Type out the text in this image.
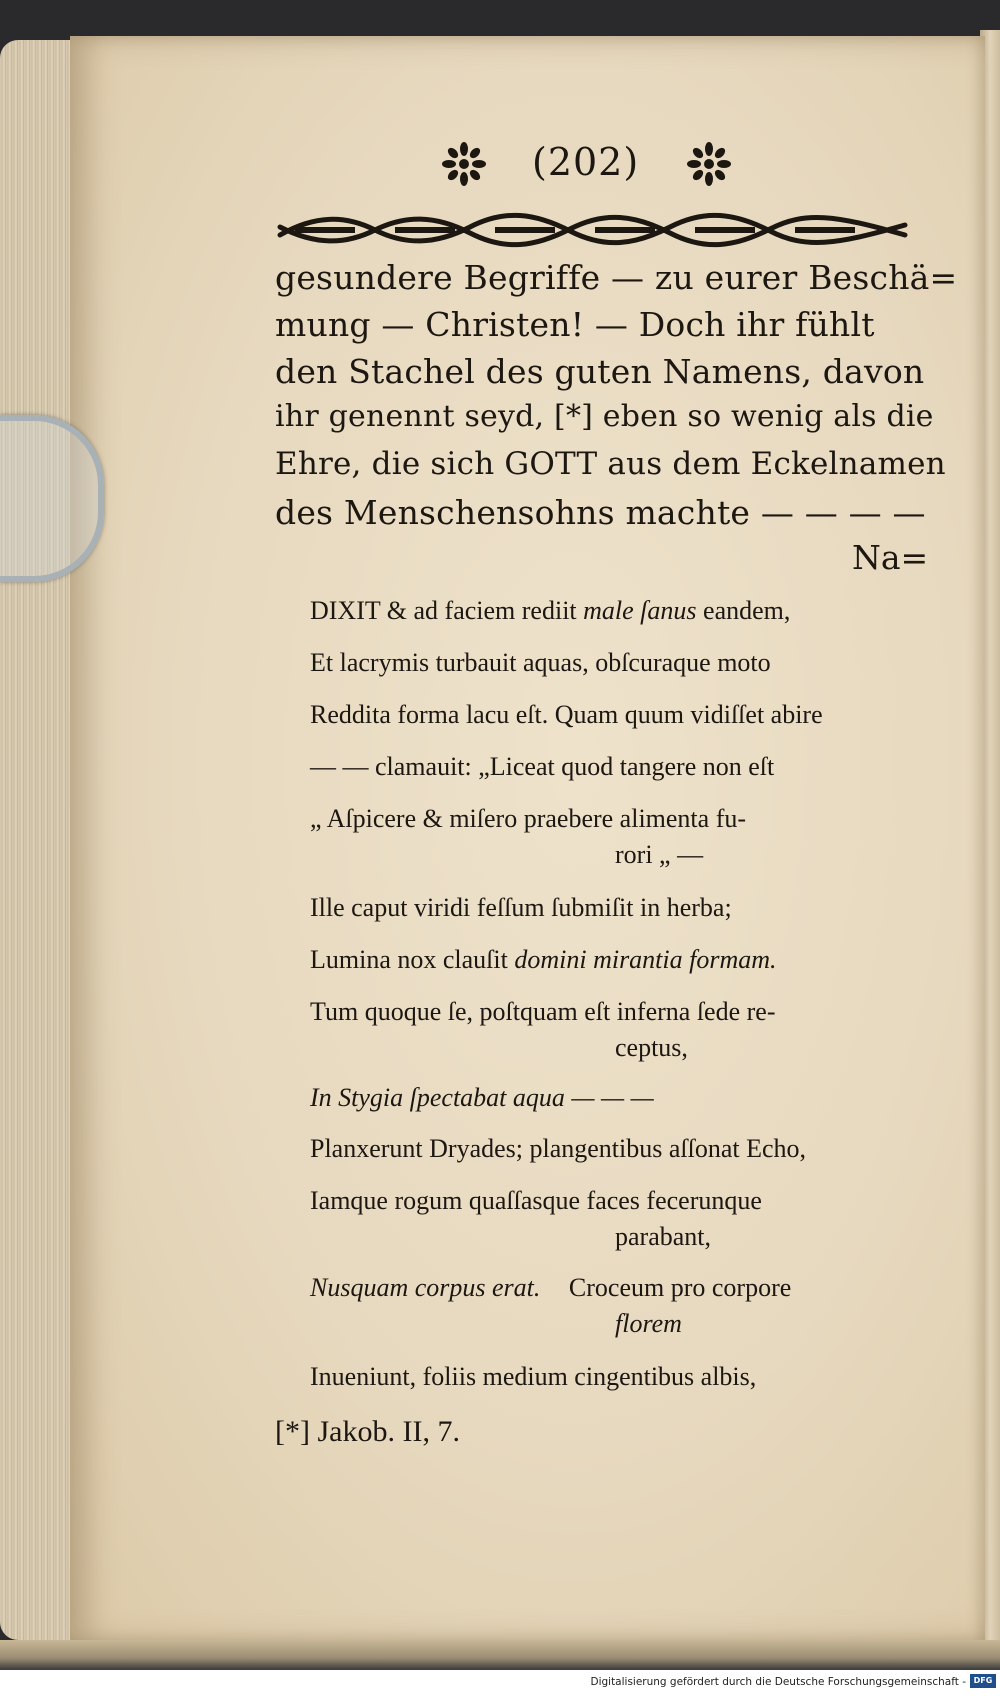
(202)
gesundere Begriffe — zu eurer Beschä=
mung — Christen! — Doch ihr fühlt
den Stachel des guten Namens, davon
ihr genennt seyd, [*] eben so wenig als die
Ehre, die sich GOTT aus dem Eckelnamen
des Menschensohns machte — — — —
Na=
DIXIT & ad faciem rediit male ſanus eandem,
Et lacrymis turbauit aquas, obſcuraque moto
Reddita forma lacu eſt. Quam quum vidiſſet abire
— — clamauit: „Liceat quod tangere non eſt
„ Aſpicere & miſero praebere alimenta fu-
rori „ —
Ille caput viridi feſſum ſubmiſit in herba;
Lumina nox clauſit domini mirantia formam.
Tum quoque ſe, poſtquam eſt inferna ſede re-
ceptus,
In Stygia ſpectabat aqua — — —
Planxerunt Dryades; plangentibus aſſonat Echo,
Iamque rogum quaſſasque faces fecerunque
parabant,
Nusquam corpus erat. Croceum pro corpore
florem
Inueniunt, foliis medium cingentibus albis,
[*] Jakob. II, 7.
Digitalisierung gefördert durch die Deutsche Forschungsgemeinschaft - DFG
